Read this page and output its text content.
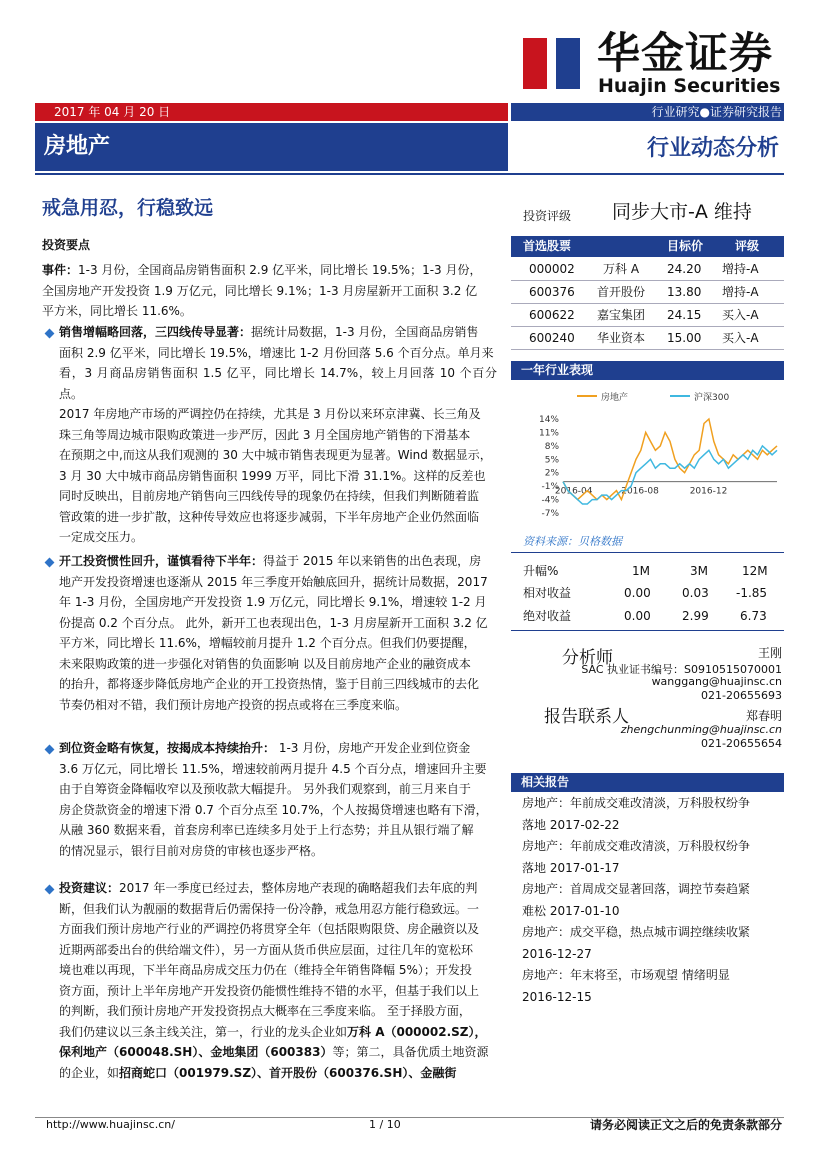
华金证券
Huajin Securities
2017 年 04 月 20 日	行业研究●证券研究报告
房地产	行业动态分析
戒急用忍，行稳致远
投资要点
事件：1-3 月份，全国商品房销售面积 2.9 亿平米，同比增长 19.5%；1-3 月份，
全国房地产开发投资 1.9 万亿元，同比增长 9.1%；1-3 月房屋新开工面积 3.2 亿
平方米，同比增长 11.6%。
销售增幅略回落，三四线传导显著：据统计局数据，1-3 月份，全国商品房销售
面积 2.9 亿平米，同比增长 19.5%，增速比 1-2 月份回落 5.6 个百分点。单月来
看，3 月商品房销售面积 1.5 亿平，同比增长 14.7%，较上月回落 10 个百分点。
2017 年房地产市场的严调控仍在持续，尤其是 3 月份以来环京津冀、长三角及
珠三角等周边城市限购政策进一步严厉，因此 3 月全国房地产销售的下滑基本
在预期之中,而这从我们观测的 30 大中城市销售表现更为显著。Wind 数据显示，
3 月 30 大中城市商品房销售面积 1999 万平，同比下滑 31.1%。这样的反差也
同时反映出，目前房地产销售向三四线传导的现象仍在持续，但我们判断随着监
管政策的进一步扩散，这种传导效应也将逐步减弱，下半年房地产企业仍然面临
一定成交压力。
开工投资惯性回升，谨慎看待下半年：得益于 2015 年以来销售的出色表现，房
地产开发投资增速也逐渐从 2015 年三季度开始触底回升，据统计局数据，2017
年 1-3 月份，全国房地产开发投资 1.9 万亿元，同比增长 9.1%，增速较 1-2 月
份提高 0.2 个百分点。 此外，新开工也表现出色，1-3 月房屋新开工面积 3.2 亿
平方米，同比增长 11.6%，增幅较前月提升 1.2 个百分点。但我们仍要提醒，
未来限购政策的进一步强化对销售的负面影响 以及目前房地产企业的融资成本
的抬升，都将逐步降低房地产企业的开工投资热情，鉴于目前三四线城市的去化
节奏仍相对不错，我们预计房地产投资的拐点或将在三季度来临。
到位资金略有恢复，按揭成本持续抬升： 1-3 月份，房地产开发企业到位资金
3.6 万亿元，同比增长 11.5%，增速较前两月提升 4.5 个百分点，增速回升主要
由于自筹资金降幅收窄以及预收款大幅提升。 另外我们观察到，前三月来自于
房企贷款资金的增速下滑 0.7 个百分点至 10.7%，个人按揭贷增速也略有下滑，
从融 360 数据来看，首套房利率已连续多月处于上行态势；并且从银行端了解
的情况显示，银行目前对房贷的审核也逐步严格。
投资建议：2017 年一季度已经过去，整体房地产表现的确略超我们去年底的判
断，但我们认为靓丽的数据背后仍需保持一份冷静，戒急用忍方能行稳致远。一
方面我们预计房地产行业的严调控仍将贯穿全年（包括限购限贷、房企融资以及
近期两部委出台的供给端文件），另一方面从货币供应层面，过往几年的宽松环
境也难以再现，下半年商品房成交压力仍在（维持全年销售降幅 5%）；开发投
资方面，预计上半年房地产开发投资仍能惯性维持不错的水平，但基于我们以上
的判断，我们预计房地产开发投资拐点大概率在三季度来临。 至于择股方面，
我们仍建议以三条主线关注，第一，行业的龙头企业如万科 A（000002.SZ），
保利地产（600048.SH）、金地集团（600383）等；第二，具备优质土地资源
的企业，如招商蛇口（001979.SZ）、首开股份（600376.SH）、金融街
投资评级 同步大市-A 维持
首选股票	目标价	评级
000002 万科 A 24.20 增持-A
600376 首开股份 13.80 增持-A
600622 嘉宝集团 24.15 买入-A
600240 华业资本 15.00 买入-A
一年行业表现
房地产	沪深300
14%
11%
8%
5%
2%
-1%
-4%
-7%
2016-04	2016-08	2016-12
资料来源：贝格数据
升幅%	1M	3M	12M
相对收益	0.00	0.03 -1.85
绝对收益	0.00	2.99	6.73
分析师	王刚
SAC 执业证书编号：S0910515070001
wanggang@huajinsc.cn
021-20655693
报告联系人	郑春明
zhengchunming@huajinsc.cn
021-20655654
相关报告
房地产：年前成交难改清淡，万科股权纷争
落地 2017-02-22
房地产：年前成交难改清淡，万科股权纷争
落地 2017-01-17
房地产：首周成交显著回落，调控节奏趋紧
难松 2017-01-10
房地产：成交平稳，热点城市调控继续收紧
2016-12-27
房地产：年末将至，市场观望 情绪明显
2016-12-15
http://www.huajinsc.cn/	1 / 10	请务必阅读正文之后的免责条款部分
